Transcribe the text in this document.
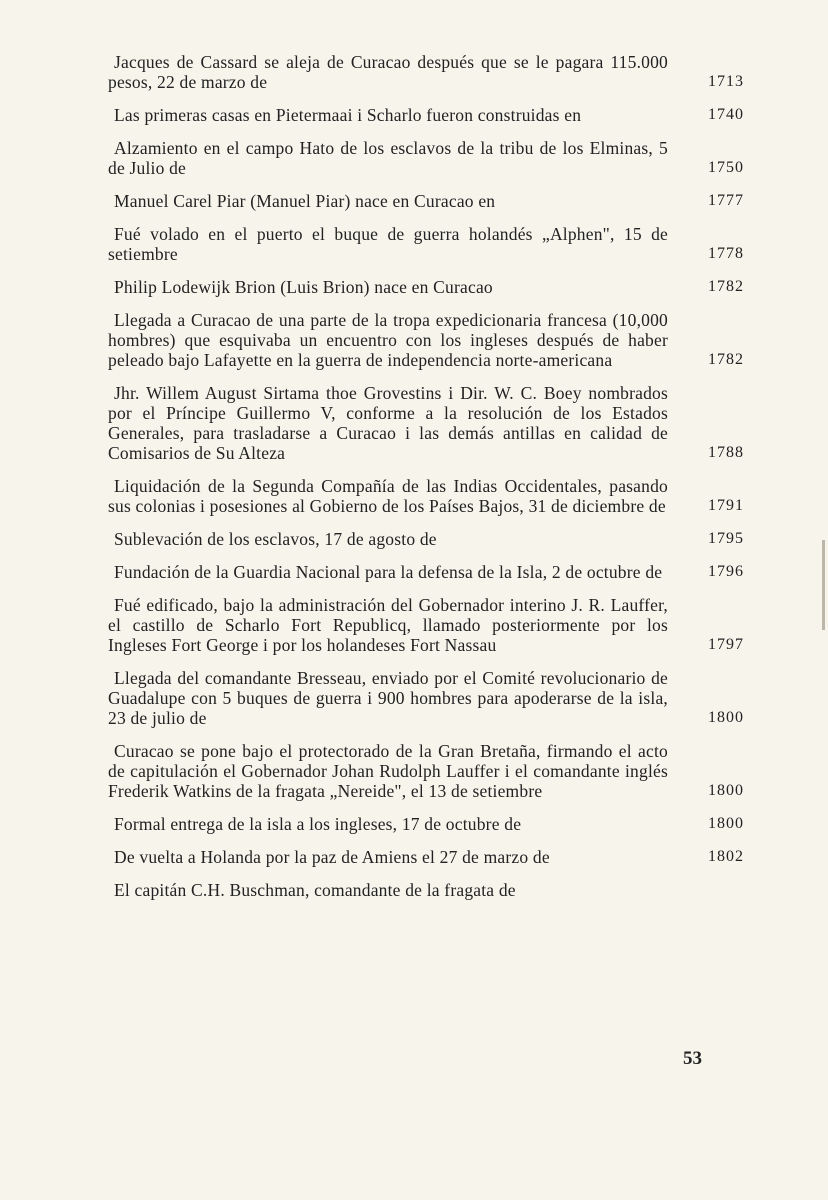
Jacques de Cassard se aleja de Curacao después que se le pagara 115.000 pesos, 22 de marzo de	1713
Las primeras casas en Pietermaai i Scharlo fueron construidas en	1740
Alzamiento en el campo Hato de los esclavos de la tribu de los Elminas, 5 de Julio de	1750
Manuel Carel Piar (Manuel Piar) nace en Curacao en	1777
Fué volado en el puerto el buque de guerra holandés „Alphen", 15 de setiembre	1778
Philip Lodewijk Brion (Luis Brion) nace en Curacao	1782
Llegada a Curacao de una parte de la tropa expedicionaria francesa (10,000 hombres) que esquivaba un encuentro con los ingleses después de haber peleado bajo Lafayette en la guerra de independencia norte-americana	1782
Jhr. Willem August Sirtama thoe Grovestins i Dir. W. C. Boey nombrados por el Príncipe Guillermo V, conforme a la resolución de los Estados Generales, para trasladarse a Curacao i las demás antillas en calidad de Comisarios de Su Alteza	1788
Liquidación de la Segunda Compañía de las Indias Occidentales, pasando sus colonias i posesiones al Gobierno de los Países Bajos, 31 de diciembre de	1791
Sublevación de los esclavos, 17 de agosto de	1795
Fundación de la Guardia Nacional para la defensa de la Isla, 2 de octubre de	1796
Fué edificado, bajo la administración del Gobernador interino J. R. Lauffer, el castillo de Scharlo Fort Republicq, llamado posteriormente por los Ingleses Fort George i por los holandeses Fort Nassau	1797
Llegada del comandante Bresseau, enviado por el Comité revolucionario de Guadalupe con 5 buques de guerra i 900 hombres para apoderarse de la isla, 23 de julio de	1800
Curacao se pone bajo el protectorado de la Gran Bretaña, firmando el acto de capitulación el Gobernador Johan Rudolph Lauffer i el comandante inglés Frederik Watkins de la fragata „Nereide", el 13 de setiembre	1800
Formal entrega de la isla a los ingleses, 17 de octubre de	1800
De vuelta a Holanda por la paz de Amiens el 27 de marzo de	1802
El capitán C.H. Buschman, comandante de la fragata de
53
